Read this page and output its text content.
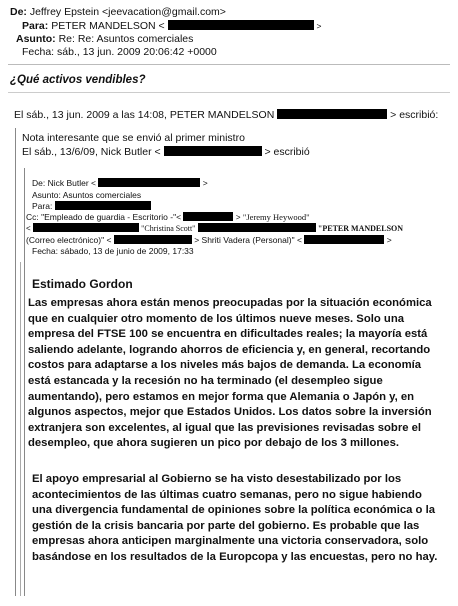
De: Jeffrey Epstein <jeevacation@gmail.com>
Para: PETER MANDELSON <	>
Asunto: Re: Re: Asuntos comerciales
Fecha: sáb., 13 jun. 2009 20:06:42 +0000
¿Qué activos vendibles?
El sáb., 13 jun. 2009 a las 14:08, PETER MANDELSON	> escribió:
Nota interesante que se envió al primer ministro
El sáb., 13/6/09, Nick Butler <	> escribió
De: Nick Butler <	>
Asunto: Asuntos comerciales
Para:
Cc: "Empleado de guardia - Escritorio -"<	> "Jeremy Heywood"
<	"Christina Scott"	"PETER MANDELSON
(Correo electrónico)" <	> Shriti Vadera (Personal)" <	>
Fecha: sábado, 13 de junio de 2009, 17:33
Estimado Gordon
Las empresas ahora están menos preocupadas por la situación económica que en cualquier otro momento de los últimos nueve meses. Solo una empresa del FTSE 100 se encuentra en dificultades reales; la mayoría está saliendo adelante, logrando ahorros de eficiencia y, en general, recortando costos para adaptarse a los niveles más bajos de demanda. La economía está estancada y la recesión no ha terminado (el desempleo sigue aumentando), pero estamos en mejor forma que Alemania o Japón y, en algunos aspectos, mejor que Estados Unidos. Los datos sobre la inversión extranjera son excelentes, al igual que las previsiones revisadas sobre el desempleo, que ahora sugieren un pico por debajo de los 3 millones.
El apoyo empresarial al Gobierno se ha visto desestabilizado por los acontecimientos de las últimas cuatro semanas, pero no sigue habiendo una divergencia fundamental de opiniones sobre la política económica o la gestión de la crisis bancaria por parte del gobierno. Es probable que las empresas ahora anticipen marginalmente una victoria conservadora, solo basándose en los resultados de la Europcopa y las encuestas, pero no hay.
